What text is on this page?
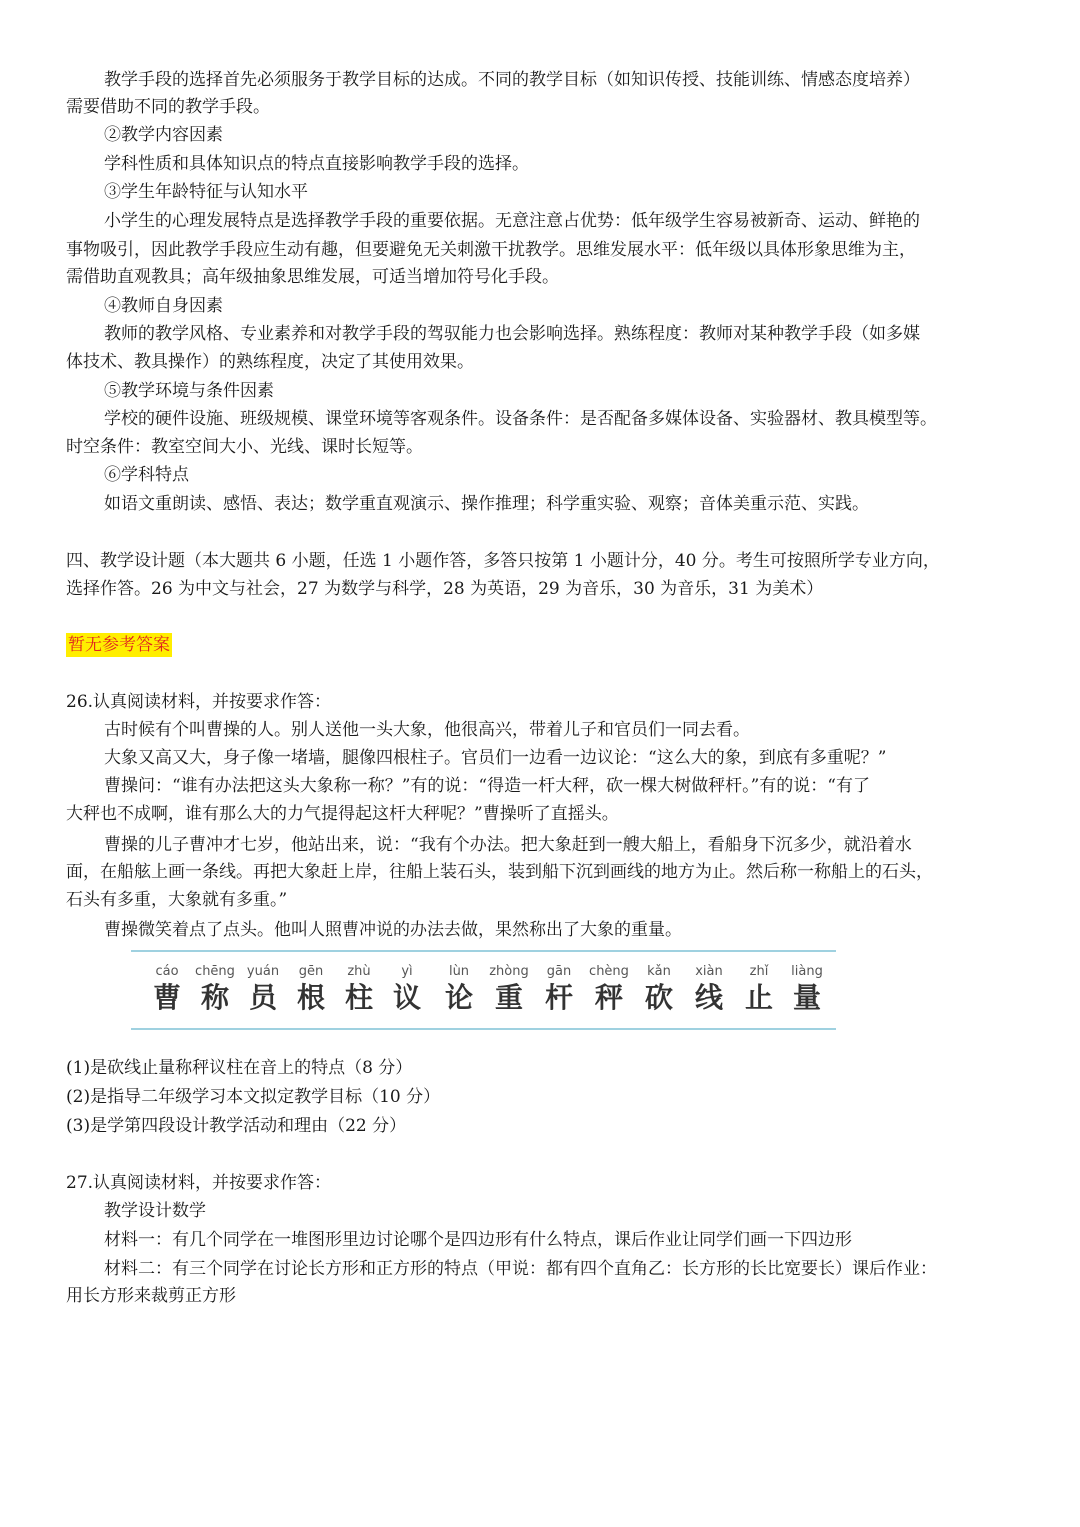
教学手段的选择首先必须服务于教学目标的达成。不同的教学目标（如知识传授、技能训练、情感态度培养）
需要借助不同的教学手段。
②教学内容因素
学科性质和具体知识点的特点直接影响教学手段的选择。
③学生年龄特征与认知水平
小学生的心理发展特点是选择教学手段的重要依据。无意注意占优势：低年级学生容易被新奇、运动、鲜艳的
事物吸引，因此教学手段应生动有趣，但要避免无关刺激干扰教学。思维发展水平：低年级以具体形象思维为主，
需借助直观教具；高年级抽象思维发展，可适当增加符号化手段。
④教师自身因素
教师的教学风格、专业素养和对教学手段的驾驭能力也会影响选择。熟练程度：教师对某种教学手段（如多媒
体技术、教具操作）的熟练程度，决定了其使用效果。
⑤教学环境与条件因素
学校的硬件设施、班级规模、课堂环境等客观条件。设备条件：是否配备多媒体设备、实验器材、教具模型等。
时空条件：教室空间大小、光线、课时长短等。
⑥学科特点
如语文重朗读、感悟、表达；数学重直观演示、操作推理；科学重实验、观察；音体美重示范、实践。
四、教学设计题（本大题共 6 小题，任选 1 小题作答，多答只按第 1 小题计分，40 分。考生可按照所学专业方向，
选择作答。26 为中文与社会，27 为数学与科学，28 为英语，29 为音乐，30 为音乐，31 为美术）
暂无参考答案
26.认真阅读材料，并按要求作答：
古时候有个叫曹操的人。别人送他一头大象，他很高兴，带着儿子和官员们一同去看。
大象又高又大，身子像一堵墙，腿像四根柱子。官员们一边看一边议论：“这么大的象，到底有多重呢？”
曹操问：“谁有办法把这头大象称一称？”有的说：“得造一杆大秤，砍一棵大树做秤杆。”有的说：“有了
大秤也不成啊，谁有那么大的力气提得起这杆大秤呢？”曹操听了直摇头。
曹操的儿子曹冲才七岁，他站出来，说：“我有个办法。把大象赶到一艘大船上，看船身下沉多少，就沿着水
面，在船舷上画一条线。再把大象赶上岸，往船上装石头，装到船下沉到画线的地方为止。然后称一称船上的石头，
石头有多重，大象就有多重。”
曹操微笑着点了点头。他叫人照曹冲说的办法去做，果然称出了大象的重量。
cáo
曹
chēng
称
yuán
员
gēn
根
zhù
柱
yì
议
lùn
论
zhòng
重
gān
杆
chèng
秤
kǎn
砍
xiàn
线
zhǐ
止
liàng
量
(1)是砍线止量称秤议柱在音上的特点（8 分）
(2)是指导二年级学习本文拟定教学目标（10 分）
(3)是学第四段设计教学活动和理由（22 分）
27.认真阅读材料，并按要求作答：
教学设计数学
材料一：有几个同学在一堆图形里边讨论哪个是四边形有什么特点，课后作业让同学们画一下四边形
材料二：有三个同学在讨论长方形和正方形的特点（甲说：都有四个直角乙：长方形的长比宽要长）课后作业：
用长方形来裁剪正方形
